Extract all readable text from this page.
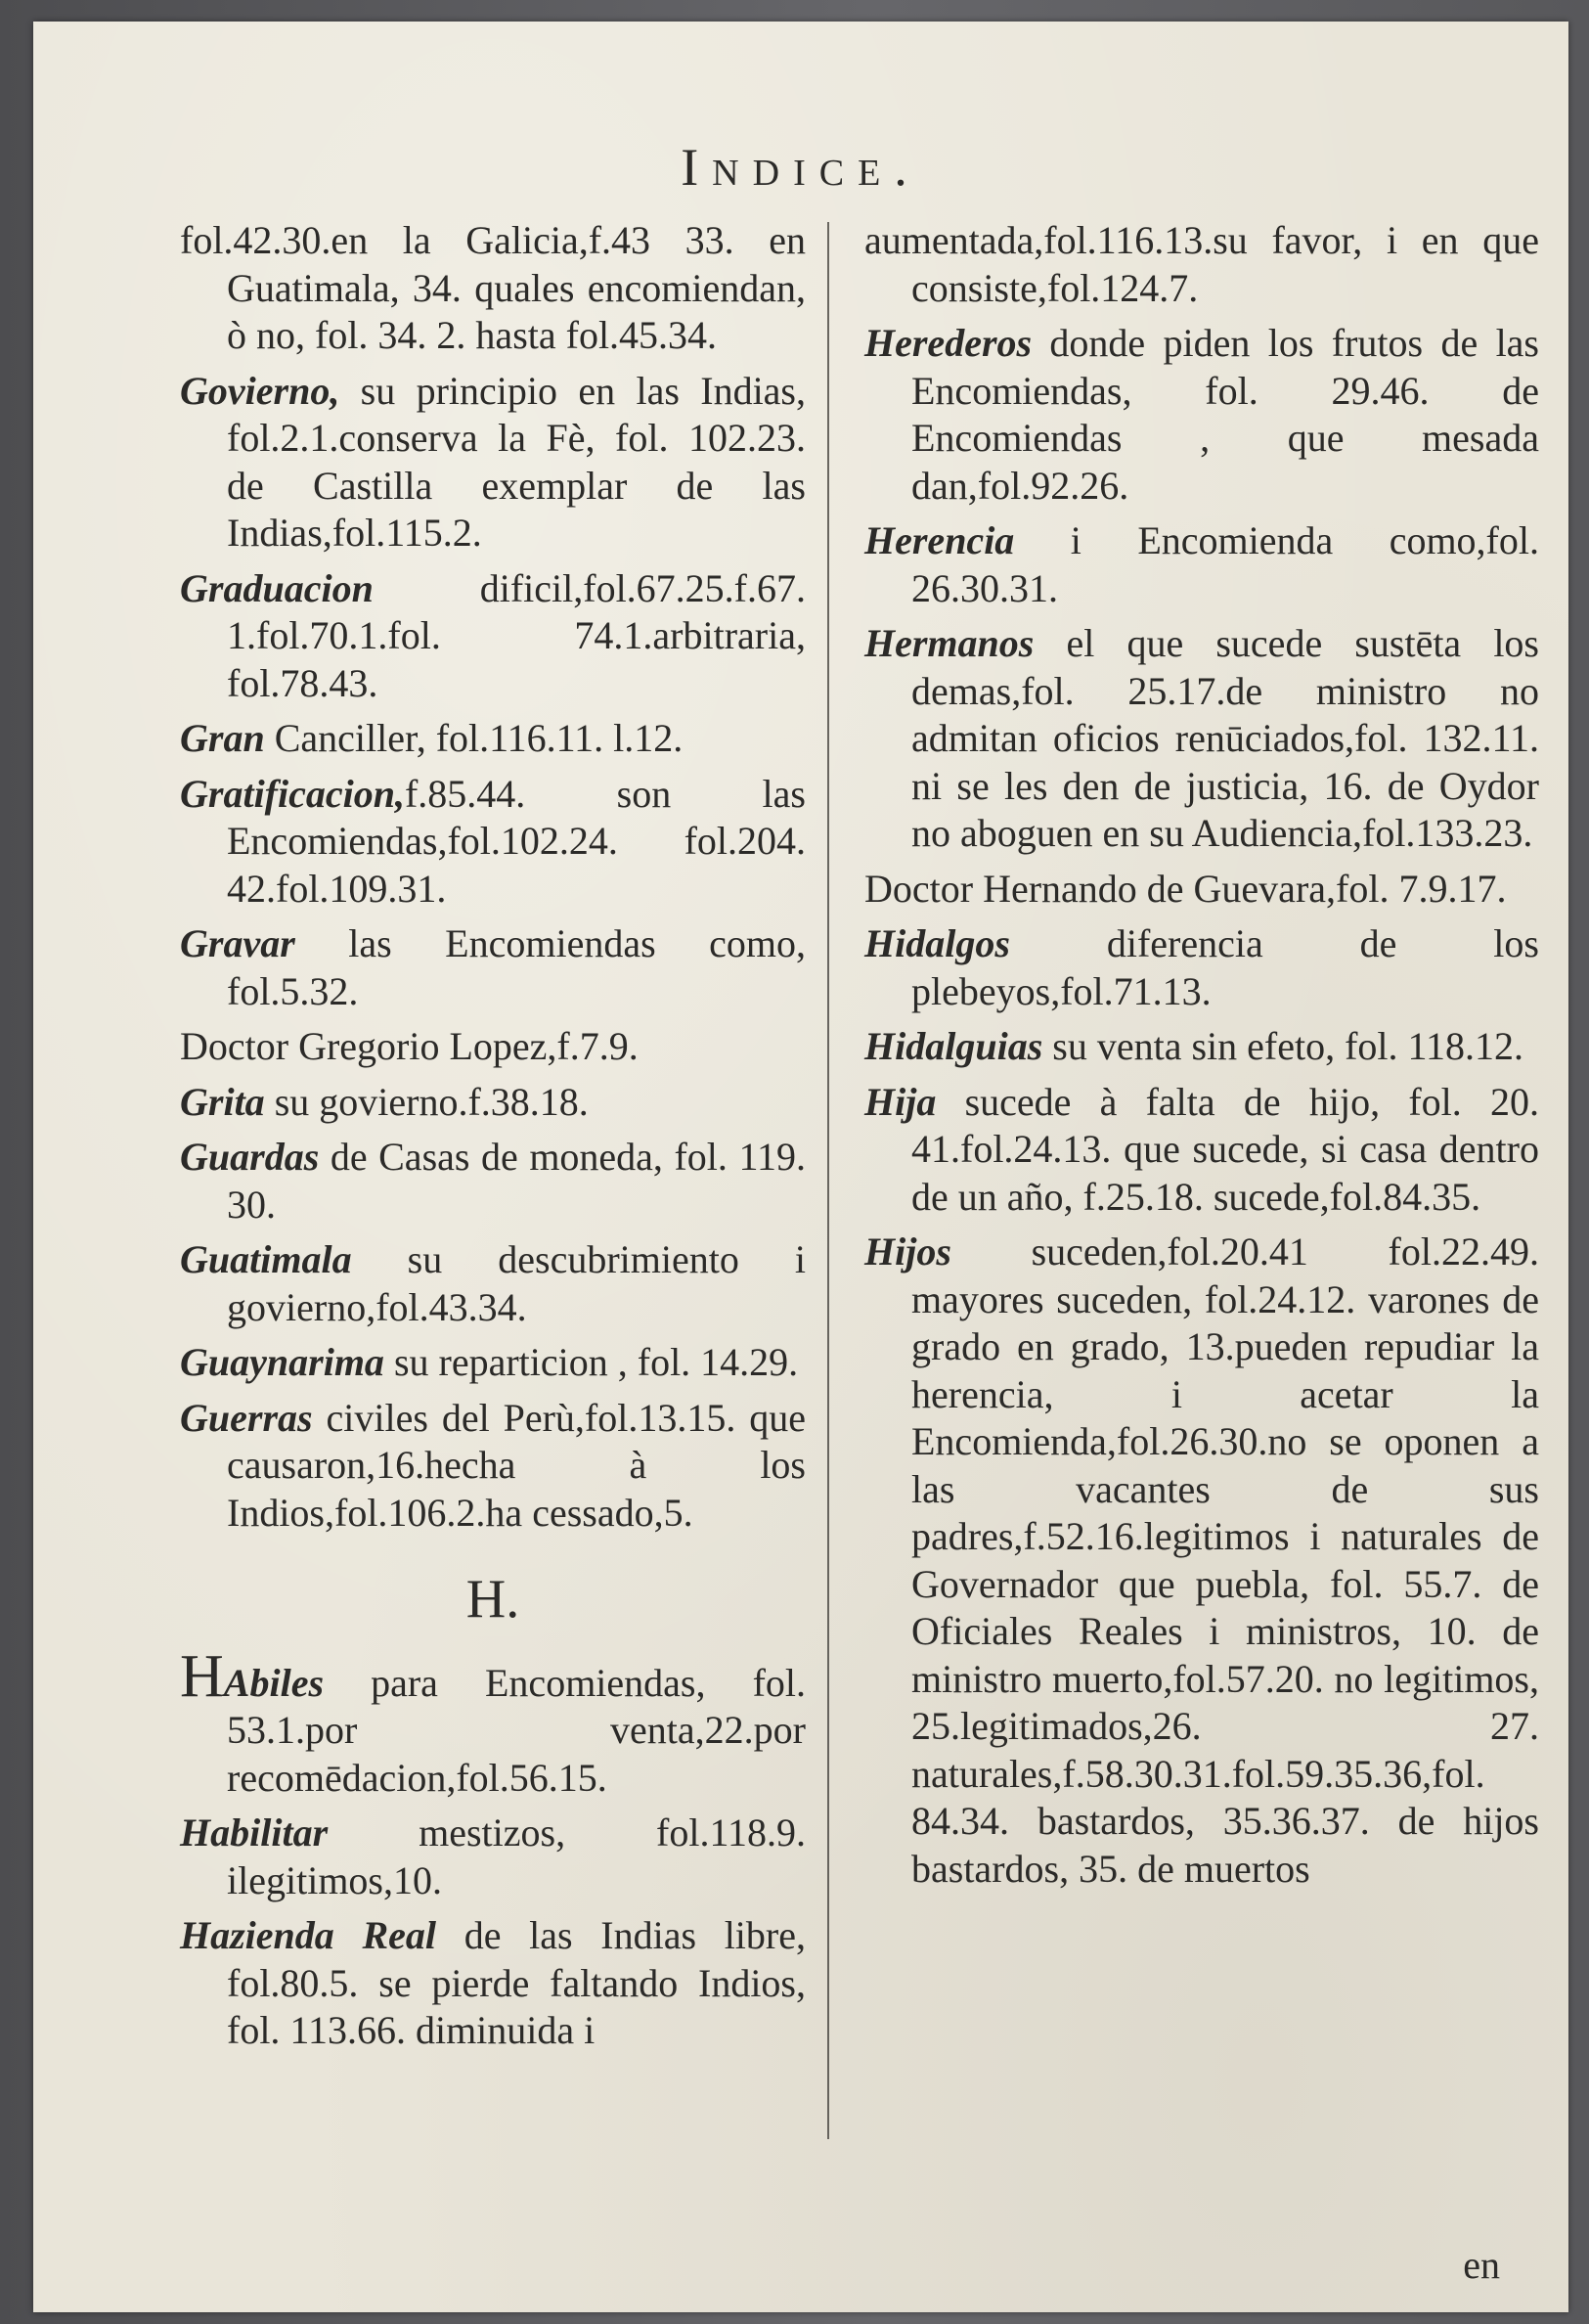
Indice.
fol.42.30.en la Galicia,f.43 33. en Guatimala, 34. quales encomiendan, ò no, fol. 34. 2. hasta fol.45.34.
Govierno, su principio en las Indias, fol.2.1.conserva la Fè, fol. 102.23. de Castilla exemplar de las Indias,fol.115.2.
Graduacion dificil,fol.67.25.f.67. 1.fol.70.1.fol. 74.1.arbitraria, fol.78.43.
Gran Canciller, fol.116.11. l.12.
Gratificacion,f.85.44. son las Encomiendas,fol.102.24. fol.204. 42.fol.109.31.
Gravar las Encomiendas como, fol.5.32.
Doctor Gregorio Lopez,f.7.9.
Grita su govierno.f.38.18.
Guardas de Casas de moneda, fol. 119. 30.
Guatimala su descubrimiento i govierno,fol.43.34.
Guaynarima su reparticion , fol. 14.29.
Guerras civiles del Perù,fol.13.15. que causaron,16.hecha à los Indios,fol.106.2.ha cessado,5.
H.
HAbiles para Encomiendas, fol. 53.1.por venta,22.por recomēdacion,fol.56.15.
Habilitar mestizos, fol.118.9. ilegitimos,10.
Hazienda Real de las Indias libre, fol.80.5. se pierde faltando Indios, fol. 113.66. diminuida i
aumentada,fol.116.13.su favor, i en que consiste,fol.124.7.
Herederos donde piden los frutos de las Encomiendas, fol. 29.46. de Encomiendas , que mesada dan,fol.92.26.
Herencia i Encomienda como,fol. 26.30.31.
Hermanos el que sucede sustēta los demas,fol. 25.17.de ministro no admitan oficios renūciados,fol. 132.11. ni se les den de justicia, 16. de Oydor no aboguen en su Audiencia,fol.133.23.
Doctor Hernando de Guevara,fol. 7.9.17.
Hidalgos diferencia de los plebeyos,fol.71.13.
Hidalguias su venta sin efeto, fol. 118.12.
Hija sucede à falta de hijo, fol. 20. 41.fol.24.13. que sucede, si casa dentro de un año, f.25.18. sucede,fol.84.35.
Hijos suceden,fol.20.41 fol.22.49. mayores suceden, fol.24.12. varones de grado en grado, 13.pueden repudiar la herencia, i acetar la Encomienda,fol.26.30.no se oponen a las vacantes de sus padres,f.52.16.legitimos i naturales de Governador que puebla, fol. 55.7. de Oficiales Reales i ministros, 10. de ministro muerto,fol.57.20. no legitimos, 25.legitimados,26. 27. naturales,f.58.30.31.fol.59.35.36,fol. 84.34. bastardos, 35.36.37. de hijos bastardos, 35. de muertos
en
